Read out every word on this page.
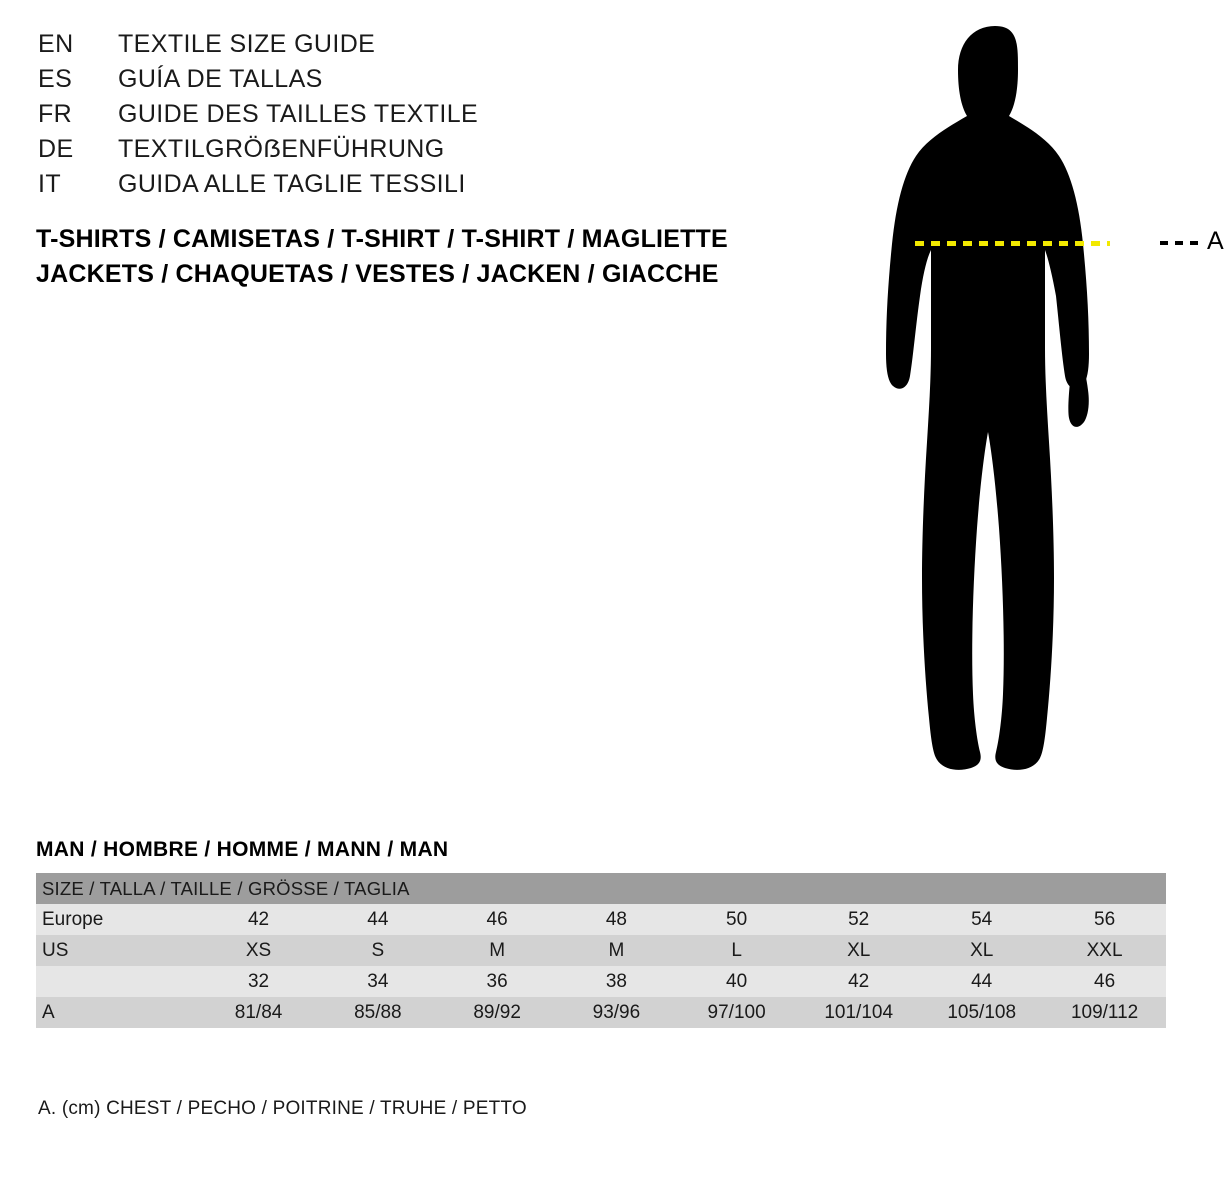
EN	TEXTILE SIZE GUIDE
ES	GUÍA DE TALLAS
FR	GUIDE DES TAILLES TEXTILE
DE	TEXTILGRÖẞENFÜHRUNG
IT	GUIDA ALLE TAGLIE TESSILI
T-SHIRTS / CAMISETAS / T-SHIRT / T-SHIRT / MAGLIETTE
JACKETS / CHAQUETAS / VESTES / JACKEN / GIACCHE
A
MAN / HOMBRE / HOMME / MANN / MAN
SIZE / TALLA / TAILLE / GRÖSSE / TAGLIA								
Europe	42	44	46	48	50	52	54	56
US	XS	S	M	M	L	XL	XL	XXL
	32	34	36	38	40	42	44	46
A	81/84	85/88	89/92	93/96	97/100	101/104	105/108	109/112
A. (cm) CHEST / PECHO / POITRINE / TRUHE / PETTO
